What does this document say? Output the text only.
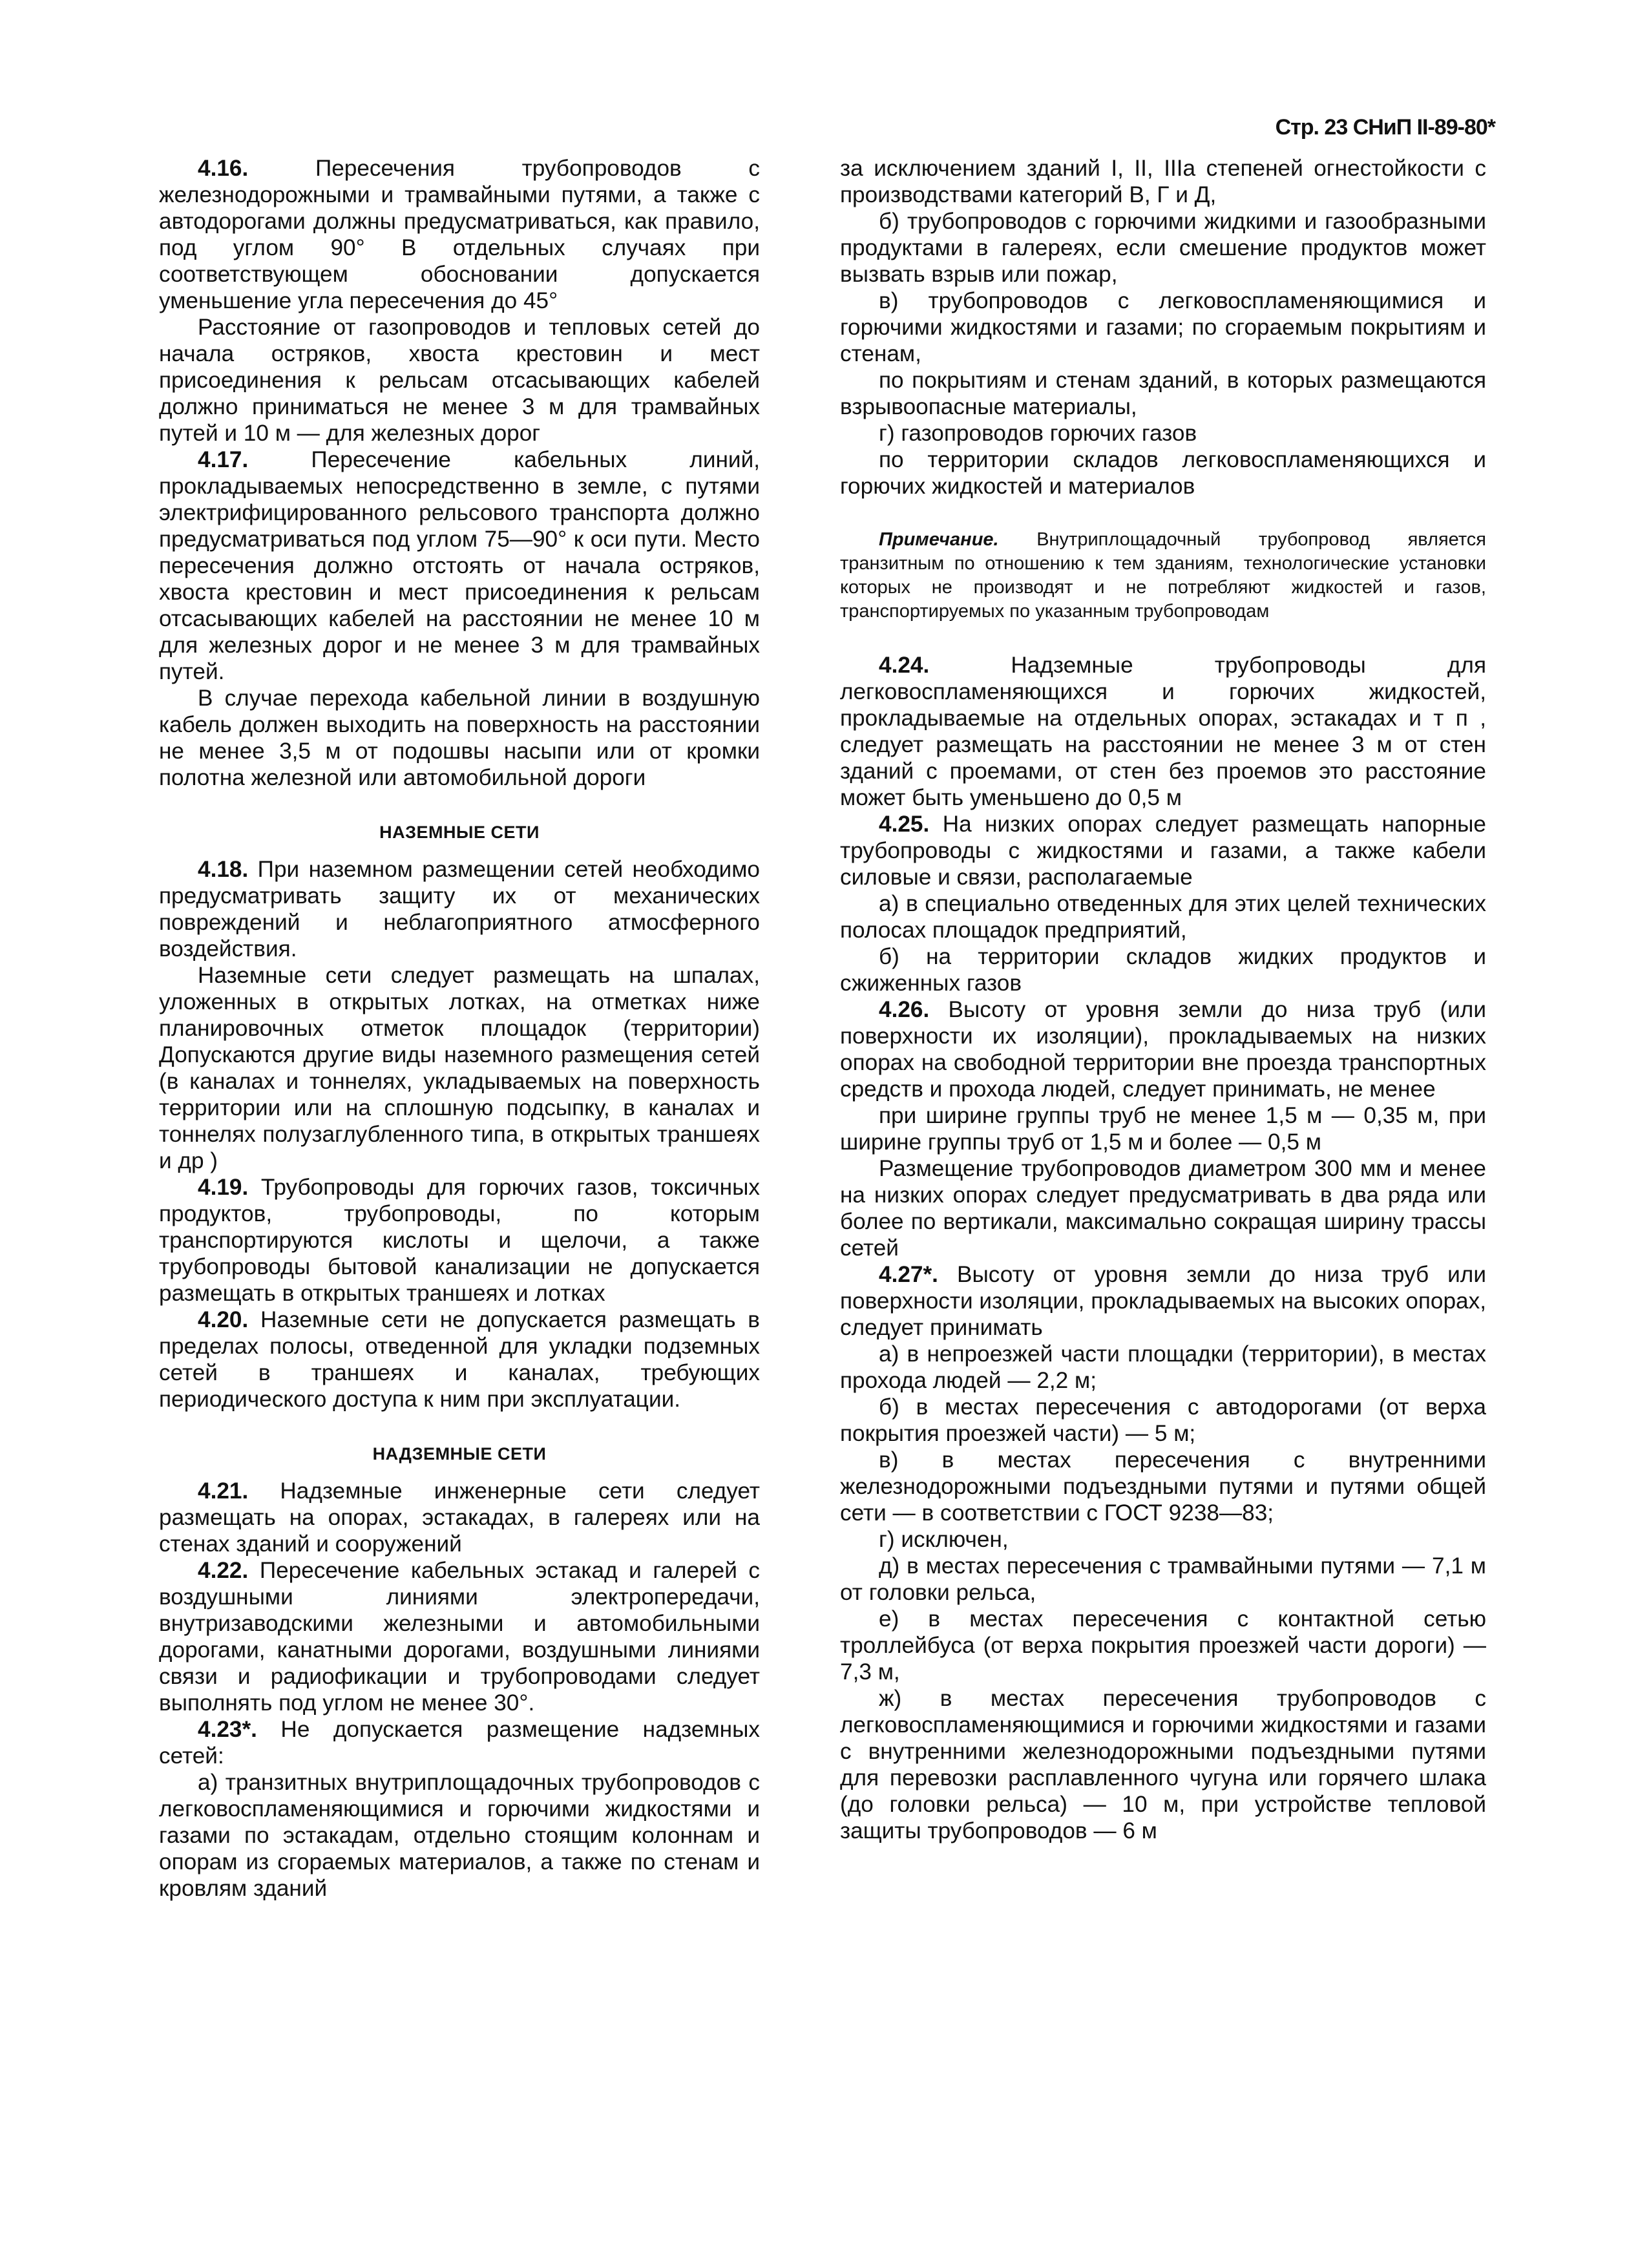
Стр. 23 СНиП II-89-80*

4.16.	Пересечения трубопроводов с железнодорожными и трамвайными путями, а также с автодорогами должны предусматриваться, как правило, под углом 90° В отдельных случаях при соответствующем обосновании допускается уменьшение угла пересечения до 45°

Расстояние от газопроводов и тепловых сетей до начала остряков, хвоста крестовин и мест присоединения к рельсам отсасывающих кабелей должно приниматься не менее 3 м для трамвайных путей и 10 м — для железных дорог

4.17.	Пересечение кабельных линий, прокладываемых непосредственно в земле, с путями электрифицированного рельсового транспорта должно предусматриваться под углом 75—90° к оси пути. Место пересечения должно отстоять от начала остряков, хвоста крестовин и мест присоединения к рельсам отсасывающих кабелей на расстоянии не менее 10 м для железных дорог и не менее 3 м для трамвайных путей.

В случае перехода кабельной линии в воздушную кабель должен выходить на поверхность на расстоянии не менее 3,5 м от подошвы насыпи или от кромки полотна железной или автомобильной дороги

НАЗЕМНЫЕ СЕТИ

4.18. При наземном размещении сетей необходимо предусматривать защиту их от механических повреждений и неблагоприятного атмосферного воздействия.

Наземные сети следует размещать на шпалах, уложенных в открытых лотках, на отметках ниже планировочных отметок площадок (территории) Допускаются другие виды наземного размещения сетей (в каналах и тоннелях, укладываемых на поверхность территории или на сплошную подсыпку, в каналах и тоннелях полузаглубленного типа, в открытых траншеях и др )

4.19. Трубопроводы для горючих газов, токсичных продуктов, трубопроводы, по которым транспортируются кислоты и щелочи, а также трубопроводы бытовой канализации не допускается размещать в открытых траншеях и лотках

4.20. Наземные сети не допускается размещать в пределах полосы, отведенной для укладки подземных сетей в траншеях и каналах, требующих периодического доступа к ним при эксплуатации.

НАДЗЕМНЫЕ СЕТИ

4.21. Надземные инженерные сети следует размещать на опорах, эстакадах, в галереях или на стенах зданий и сооружений

4.22. Пересечение кабельных эстакад и галерей с воздушными линиями электропередачи, внутризаводскими железными и автомобильными дорогами, канатными дорогами, воздушными линиями связи и радиофикации и трубопроводами следует выполнять под углом не менее 30°.

4.23*. Не допускается размещение надземных сетей:

а) транзитных внутриплощадочных трубопроводов с легковоспламеняющимися и горючими жидкостями и газами по эстакадам, отдельно стоящим колоннам и опорам из сгораемых материалов, а также по стенам и кровлям зданий

за исключением зданий I, II, IIIа степеней огнестойкости с производствами категорий В, Г и Д,

б) трубопроводов с горючими жидкими и газообразными продуктами в галереях, если смешение продуктов может вызвать взрыв или пожар,

в) трубопроводов с легковоспламеняющимися и горючими жидкостями и газами; по сгораемым покрытиям и стенам,

по покрытиям и стенам зданий, в которых размещаются взрывоопасные материалы,

г) газопроводов горючих газов

по территории складов легковоспламеняющихся и горючих жидкостей и материалов

Примечание. Внутриплощадочный трубопровод является транзитным по отношению к тем зданиям, технологические установки которых не производят и не потребляют жидкостей и газов, транспортируемых по указанным трубопроводам

4.24.	Надземные трубопроводы для легковоспламеняющихся и горючих жидкостей, прокладываемые на отдельных опорах, эстакадах и т п , следует размещать на расстоянии не менее 3 м от стен зданий с проемами, от стен без проемов это расстояние может быть уменьшено до 0,5 м

4.25. На низких опорах следует размещать напорные трубопроводы с жидкостями и газами, а также кабели силовые и связи, располагаемые

а) в специально отведенных для этих целей технических полосах площадок предприятий,

б) на территории складов жидких продуктов и сжиженных газов

4.26. Высоту от уровня земли до низа труб (или поверхности их изоляции), прокладываемых на низких опорах на свободной территории вне проезда транспортных средств и прохода людей, следует принимать, не менее

при ширине группы труб не менее 1,5 м — 0,35 м, при ширине группы труб от 1,5 м и более — 0,5 м

Размещение трубопроводов диаметром 300 мм и менее на низких опорах следует предусматривать в два ряда или более по вертикали, максимально сокращая ширину трассы сетей

4.27*. Высоту от уровня земли до низа труб или поверхности изоляции, прокладываемых на высоких опорах, следует принимать

а) в непроезжей части площадки (территории), в местах прохода людей — 2,2 м;

б) в местах пересечения с автодорогами (от верха покрытия проезжей части) — 5 м;

в) в местах пересечения с внутренними железнодорожными подъездными путями и путями общей сети — в соответствии с ГОСТ 9238—83;

г) исключен,

д) в местах пересечения с трамвайными путями — 7,1 м от головки рельса,

е) в местах пересечения с контактной сетью троллейбуса (от верха покрытия проезжей части дороги) — 7,3 м,

ж) в местах пересечения трубопроводов с легковоспламеняющимися и горючими жидкостями и газами с внутренними железнодорожными подъездными путями для перевозки расплавленного чугуна или горячего шлака (до головки рельса) — 10 м, при устройстве тепловой защиты трубопроводов — 6 м
